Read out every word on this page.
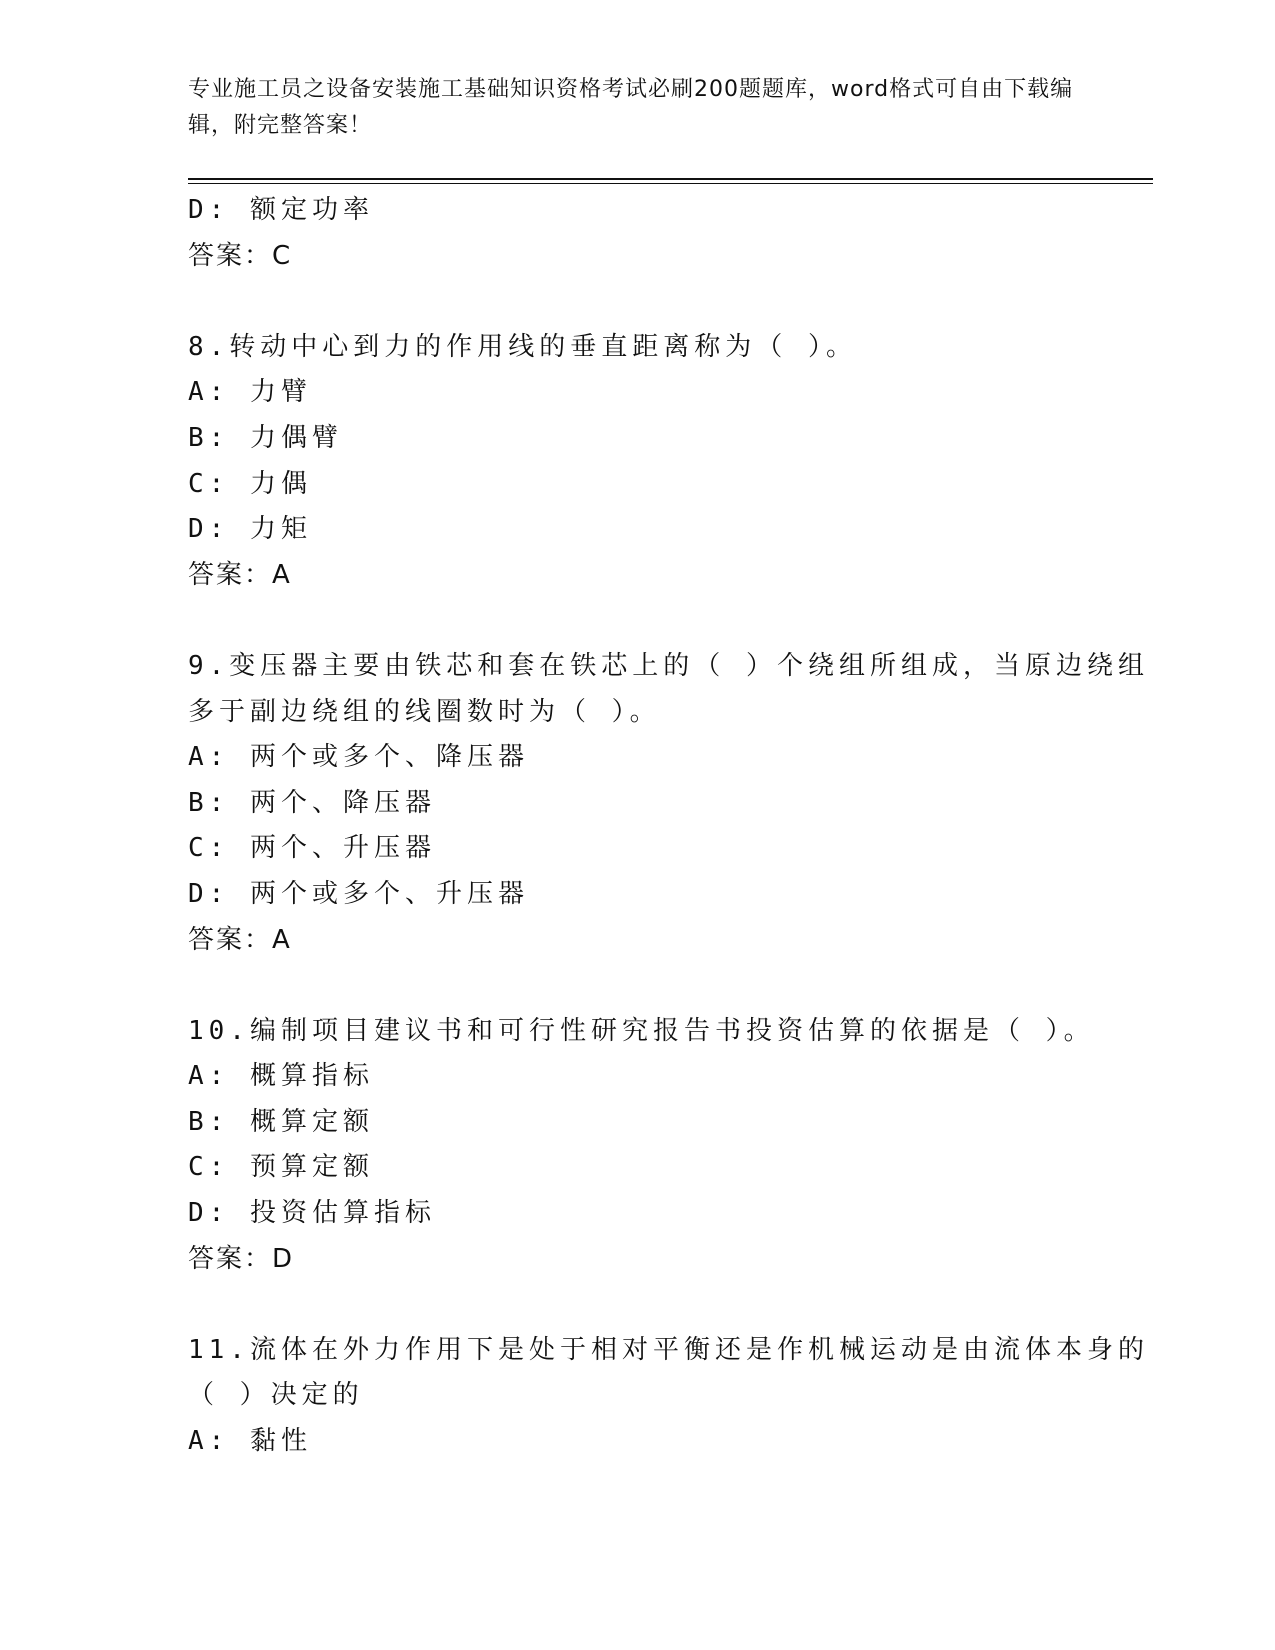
专业施工员之设备安装施工基础知识资格考试必刷200题题库，word格式可自由下载编辑，附完整答案！
D: 额定功率
答案：C
8.转动中心到力的作用线的垂直距离称为（ ）。
A: 力臂
B: 力偶臂
C: 力偶
D: 力矩
答案：A
9.变压器主要由铁芯和套在铁芯上的（ ）个绕组所组成，当原边绕组
多于副边绕组的线圈数时为（ ）。
A: 两个或多个、降压器
B: 两个、降压器
C: 两个、升压器
D: 两个或多个、升压器
答案：A
10.编制项目建议书和可行性研究报告书投资估算的依据是（ ）。
A: 概算指标
B: 概算定额
C: 预算定额
D: 投资估算指标
答案：D
11.流体在外力作用下是处于相对平衡还是作机械运动是由流体本身的
（ ）决定的
A: 黏性
